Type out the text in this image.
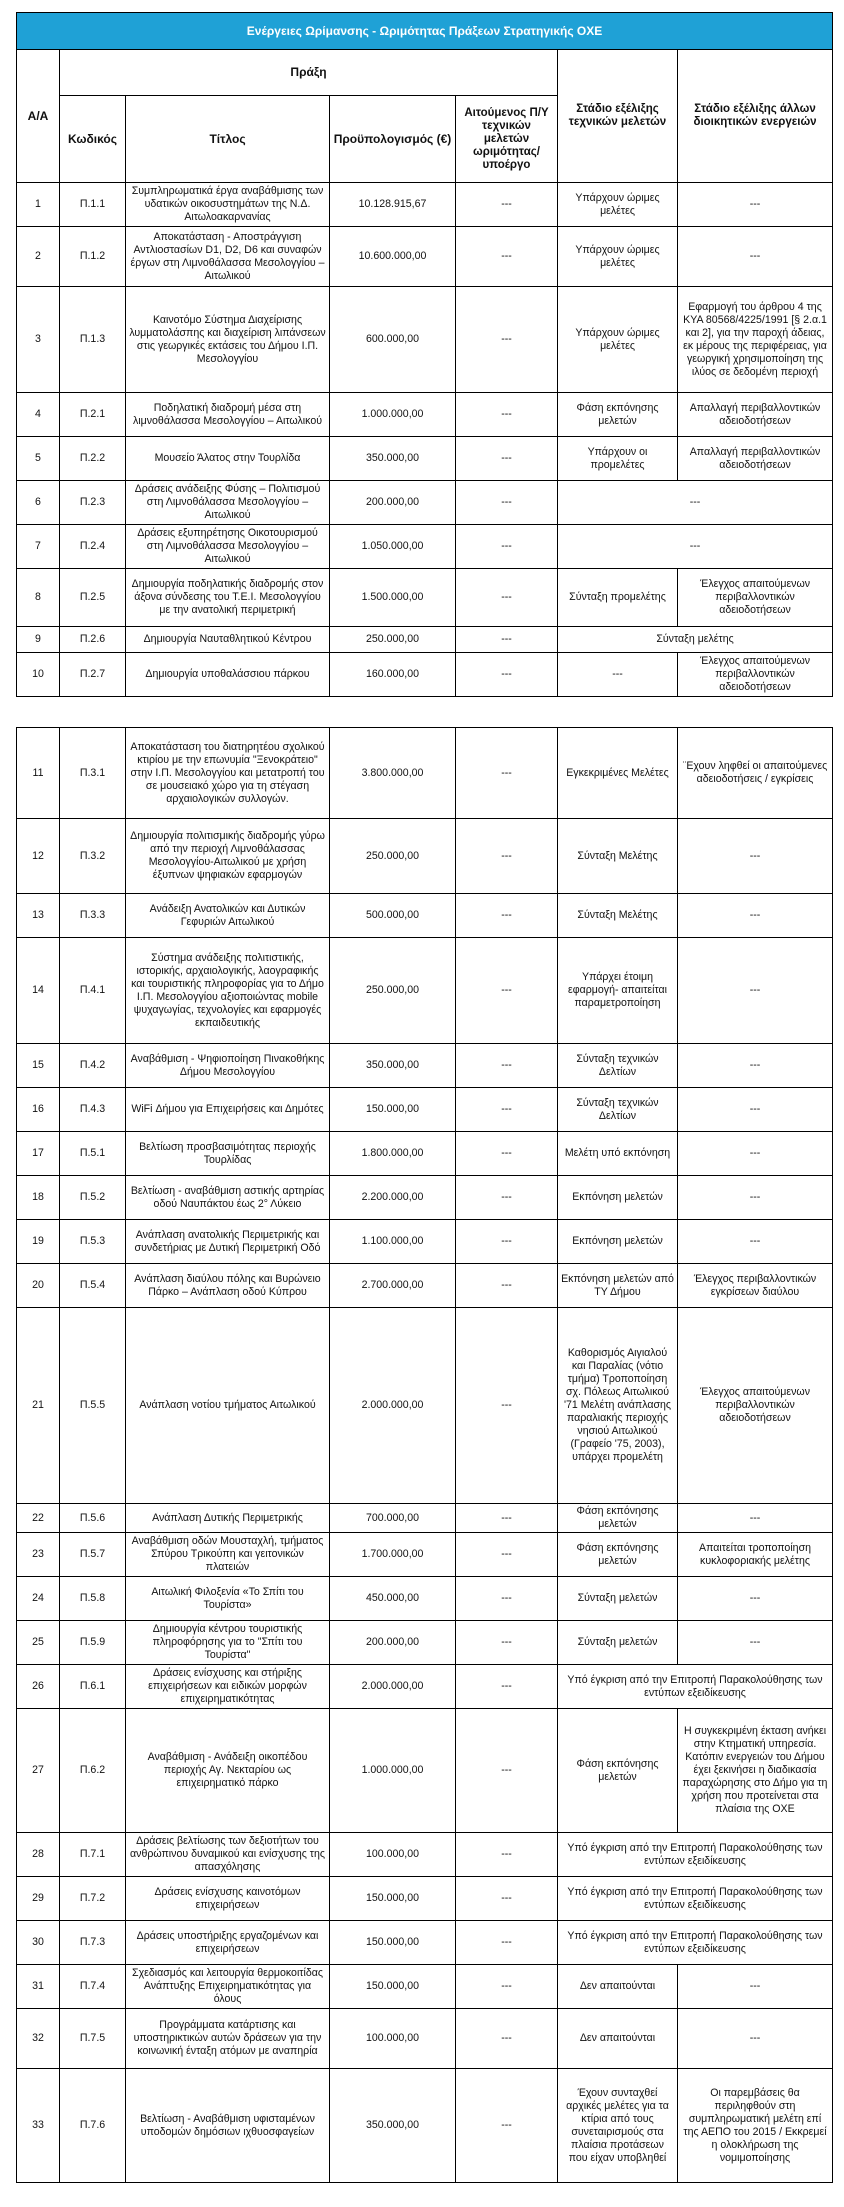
Ενέργειες Ωρίμανσης - Ωριμότητας Πράξεων Στρατηγικής ΟΧΕ						
Α/Α	Πράξη				Στάδιο εξέλιξης τεχνικών μελετών	Στάδιο εξέλιξης άλλων διοικητικών ενεργειών
	Κωδικός	Τίτλος	Προϋπολογισμός (€)	Αιτούμενος Π/Υ τεχνικών μελετών ωριμότητας/ υποέργο		
1	Π.1.1	Συμπληρωματικά έργα αναβάθμισης των υδατικών οικοσυστημάτων της Ν.Δ. Αιτωλοακαρνανίας	10.128.915,67	---	Υπάρχουν ώριμες μελέτες	---
2	Π.1.2	Αποκατάσταση - Αποστράγγιση Αντλιοστασίων D1, D2, D6 και συναφών έργων στη Λιμνοθάλασσα Μεσολογγίου – Αιτωλικού	10.600.000,00	---	Υπάρχουν ώριμες μελέτες	---
3	Π.1.3	Καινοτόμο Σύστημα Διαχείρισης λυμματολάσπης και διαχείριση λιπάνσεων στις γεωργικές εκτάσεις του Δήμου Ι.Π. Μεσολογγίου	600.000,00	---	Υπάρχουν ώριμες μελέτες	Εφαρμογή του άρθρου 4 της ΚΥΑ 80568/4225/1991 [§ 2.α.1 και 2], για την παροχή άδειας, εκ μέρους της περιφέρειας, για γεωργική χρησιμοποίηση της ιλύος σε δεδομένη περιοχή
4	Π.2.1	Ποδηλατική διαδρομή μέσα στη λιμνοθάλασσα Μεσολογγίου – Αιτωλικού	1.000.000,00	---	Φάση εκπόνησης μελετών	Απαλλαγή περιβαλλοντικών αδειοδοτήσεων
5	Π.2.2	Μουσείο Άλατος στην Τουρλίδα	350.000,00	---	Υπάρχουν οι προμελέτες	Απαλλαγή περιβαλλοντικών αδειοδοτήσεων
6	Π.2.3	Δράσεις ανάδειξης Φύσης – Πολιτισμού στη Λιμνοθάλασσα Μεσολογγίου – Αιτωλικού	200.000,00	---	---	
7	Π.2.4	Δράσεις εξυπηρέτησης Οικοτουρισμού στη Λιμνοθάλασσα Μεσολογγίου –Αιτωλικού	1.050.000,00	---	---	
8	Π.2.5	Δημιουργία ποδηλατικής διαδρομής στον άξονα σύνδεσης του Τ.Ε.Ι. Μεσολογγίου με την ανατολική περιμετρική	1.500.000,00	---	Σύνταξη προμελέτης	Έλεγχος απαιτούμενων περιβαλλοντικών αδειοδοτήσεων
9	Π.2.6	Δημιουργία Ναυταθλητικού Κέντρου	250.000,00	---	Σύνταξη μελέτης	
10	Π.2.7	Δημιουργία υποθαλάσσιου πάρκου	160.000,00	---	---	Έλεγχος απαιτούμενων περιβαλλοντικών αδειοδοτήσεων
11	Π.3.1	Αποκατάσταση του διατηρητέου σχολικού κτιρίου με την επωνυμία "Ξενοκράτειο" στην Ι.Π. Μεσολογγίου και μετατροπή του σε μουσειακό χώρο για τη στέγαση αρχαιολογικών συλλογών.	3.800.000,00	---	Εγκεκριμένες Μελέτες	¨Εχουν ληφθεί οι απαιτούμενες αδειοδοτήσεις / εγκρίσεις
12	Π.3.2	Δημιουργία πολιτισμικής διαδρομής γύρω από την περιοχή Λιμνοθάλασσας Μεσολογγίου-Αιτωλικού με χρήση έξυπνων ψηφιακών εφαρμογών	250.000,00	---	Σύνταξη Μελέτης	---
13	Π.3.3	Ανάδειξη Ανατολικών και Δυτικών Γεφυριών Αιτωλικού	500.000,00	---	Σύνταξη Μελέτης	---
14	Π.4.1	Σύστημα ανάδειξης πολιτιστικής, ιστορικής, αρχαιολογικής, λαογραφικής και τουριστικής πληροφορίας για το Δήμο Ι.Π. Μεσολογγίου αξιοποιώντας mobile ψυχαγωγίας, τεχνολογίες και εφαρμογές εκπαιδευτικής	250.000,00	---	Υπάρχει έτοιμη εφαρμογή- απαιτείται παραμετροποίηση	---
15	Π.4.2	Αναβάθμιση - Ψηφιοποίηση Πινακοθήκης Δήμου Μεσολογγίου	350.000,00	---	Σύνταξη τεχνικών Δελτίων	---
16	Π.4.3	WiFi Δήμου για Επιχειρήσεις και Δημότες	150.000,00	---	Σύνταξη τεχνικών Δελτίων	---
17	Π.5.1	Βελτίωση προσβασιμότητας περιοχής Τουρλίδας	1.800.000,00	---	Μελέτη υπό εκπόνηση	---
18	Π.5.2	Βελτίωση - αναβάθμιση αστικής αρτηρίας οδού Ναυπάκτου έως 2° Λύκειο	2.200.000,00	---	Εκπόνηση μελετών	---
19	Π.5.3	Ανάπλαση ανατολικής Περιμετρικής και συνδετήριας με Δυτική Περιμετρική Οδό	1.100.000,00	---	Εκπόνηση μελετών	---
20	Π.5.4	Ανάπλαση διαύλου πόλης και Βυρώνειο Πάρκο – Ανάπλαση οδού Κύπρου	2.700.000,00	---	Εκπόνηση μελετών από ΤΥ Δήμου	Έλεγχος περιβαλλοντικών εγκρίσεων διαύλου
21	Π.5.5	Ανάπλαση νοτίου τμήματος Αιτωλικού	2.000.000,00	---	Καθορισμός Αιγιαλού και Παραλίας (νότιο τμήμα) Τροποποίηση σχ. Πόλεως Αιτωλικού '71 Μελέτη ανάπλασης παραλιακής περιοχής νησιού Αιτωλικού (Γραφείο '75, 2003), υπάρχει προμελέτη	Έλεγχος απαιτούμενων περιβαλλοντικών αδειοδοτήσεων
22	Π.5.6	Ανάπλαση Δυτικής Περιμετρικής	700.000,00	---	Φάση εκπόνησης μελετών	---
23	Π.5.7	Αναβάθμιση οδών Μουσταχλή, τμήματος Σπύρου Τρικούπη και γειτονικών πλατειών	1.700.000,00	---	Φάση εκπόνησης μελετών	Απαιτείται τροποποίηση κυκλοφοριακής μελέτης
24	Π.5.8	Αιτωλική Φιλοξενία «Το Σπίτι του Τουρίστα»	450.000,00	---	Σύνταξη μελετών	---
25	Π.5.9	Δημιουργία κέντρου τουριστικής πληροφόρησης για το "Σπίτι του Τουρίστα"	200.000,00	---	Σύνταξη μελετών	---
26	Π.6.1	Δράσεις ενίσχυσης και στήριξης επιχειρήσεων και ειδικών μορφών επιχειρηματικότητας	2.000.000,00	---	Υπό έγκριση από την Επιτροπή Παρακολούθησης των εντύπων εξειδίκευσης	
27	Π.6.2	Αναβάθμιση - Ανάδειξη οικοπέδου περιοχής Αγ. Νεκταρίου ως επιχειρηματικό πάρκο	1.000.000,00	---	Φάση εκπόνησης μελετών	Η συγκεκριμένη έκταση ανήκει στην Κτηματική υπηρεσία. Κατόπιν ενεργειών του Δήμου έχει ξεκινήσει η διαδικασία παραχώρησης στο Δήμο για τη χρήση που προτείνεται στα πλαίσια της ΟΧΕ
28	Π.7.1	Δράσεις βελτίωσης των δεξιοτήτων του ανθρώπινου δυναμικού και ενίσχυσης της απασχόλησης	100.000,00	---	Υπό έγκριση από την Επιτροπή Παρακολούθησης των εντύπων εξειδίκευσης	
29	Π.7.2	Δράσεις ενίσχυσης καινοτόμων επιχειρήσεων	150.000,00	---	Υπό έγκριση από την Επιτροπή Παρακολούθησης των εντύπων εξειδίκευσης	
30	Π.7.3	Δράσεις υποστήριξης εργαζομένων και επιχειρήσεων	150.000,00	---	Υπό έγκριση από την Επιτροπή Παρακολούθησης των εντύπων εξειδίκευσης	
31	Π.7.4	Σχεδιασμός και λειτουργία θερμοκοιτίδας Ανάπτυξης Επιχειρηματικότητας για όλους	150.000,00	---	Δεν απαιτούνται	---
32	Π.7.5	Προγράμματα κατάρτισης και υποστηρικτικών αυτών δράσεων για την κοινωνική ένταξη ατόμων με αναπηρία	100.000,00	---	Δεν απαιτούνται	---
33	Π.7.6	Βελτίωση - Αναβάθμιση υφισταμένων υποδομών δημόσιων ιχθυοσφαγείων	350.000,00	---	Έχουν συνταχθεί αρχικές μελέτες για τα κτίρια από τους συνεταιρισμούς στα πλαίσια προτάσεων που είχαν υποβληθεί	Οι παρεμβάσεις θα περιληφθούν στη συμπληρωματική μελέτη επί της ΑΕΠΟ του 2015 / Εκκρεμεί η ολοκλήρωση της νομιμοποίησης
